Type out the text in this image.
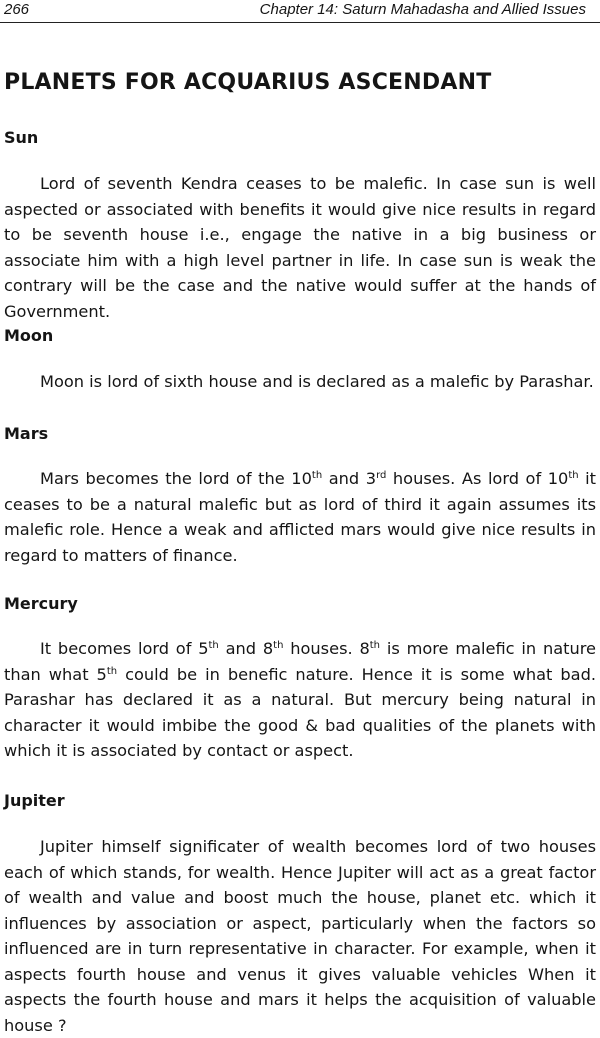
266	Chapter 14: Saturn Mahadasha and Allied Issues
PLANETS FOR ACQUARIUS ASCENDANT
Sun

Lord of seventh Kendra ceases to be malefic. In case sun is well aspected or associated with benefits it would give nice results in regard to be seventh house i.e., engage the native in a big business or associate him with a high level partner in life. In case sun is weak the contrary will be the case and the native would suffer at the hands of Government.

Moon

Moon is lord of sixth house and is declared as a malefic by Parashar.

Mars

Mars becomes the lord of the 10th and 3rd houses. As lord of 10th it ceases to be a natural malefic but as lord of third it again assumes its malefic role. Hence a weak and afflicted mars would give nice results in regard to matters of finance.

Mercury

It becomes lord of 5th and 8th houses. 8th is more malefic in nature than what 5th could be in benefic nature. Hence it is some what bad. Parashar has declared it as a natural. But mercury being natural in character it would imbibe the good & bad qualities of the planets with which it is associated by contact or aspect.

Jupiter

Jupiter himself significater of wealth becomes lord of two houses each of which stands, for wealth. Hence Jupiter will act as a great factor of wealth and value and boost much the house, planet etc. which it influences by association or aspect, particularly when the factors so influenced are in turn representative in character. For example, when it aspects fourth house and venus it gives valuable vehicles When it aspects the fourth house and mars it helps the acquisition of valuable house ?
